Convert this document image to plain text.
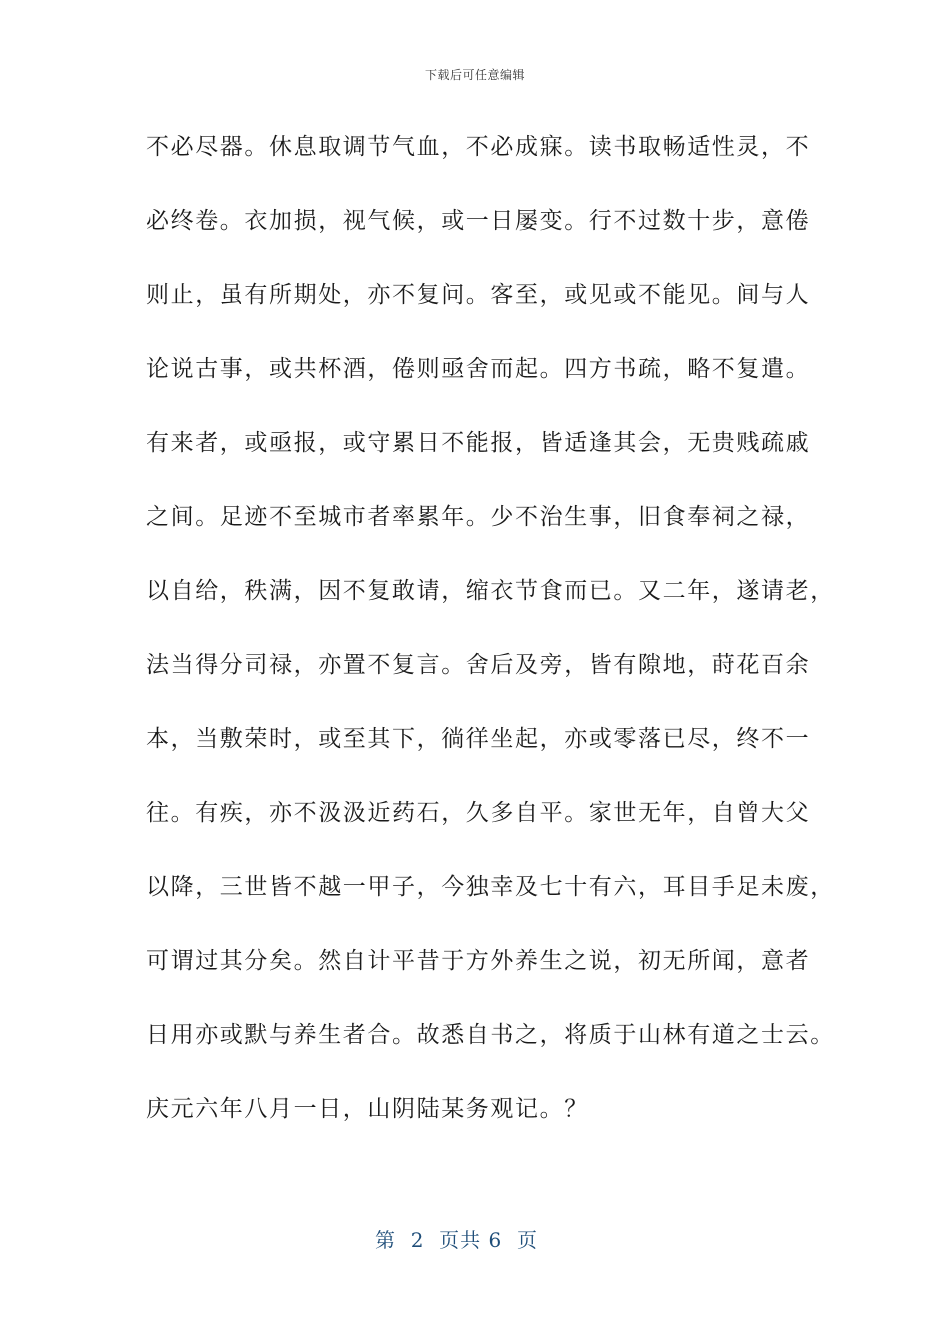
下载后可任意编辑
不必尽器。休息取调节气血，不必成寐。读书取畅适性灵，不
必终卷。衣加损，视气候，或一日屡变。行不过数十步，意倦
则止，虽有所期处，亦不复问。客至，或见或不能见。间与人
论说古事，或共杯酒，倦则亟舍而起。四方书疏，略不复遣。
有来者，或亟报，或守累日不能报，皆适逢其会，无贵贱疏戚
之间。足迹不至城市者率累年。少不治生事，旧食奉祠之禄，
以自给，秩满，因不复敢请，缩衣节食而已。又二年，遂请老，
法当得分司禄，亦置不复言。舍后及旁，皆有隙地，莳花百余
本，当敷荣时，或至其下，徜徉坐起，亦或零落已尽，终不一
往。有疾，亦不汲汲近药石，久多自平。家世无年，自曾大父
以降，三世皆不越一甲子，今独幸及七十有六，耳目手足未废，
可谓过其分矣。然自计平昔于方外养生之说，初无所闻，意者
日用亦或默与养生者合。故悉自书之，将质于山林有道之士云。
庆元六年八月一日，山阴陆某务观记。？
第  2  页共 6  页
